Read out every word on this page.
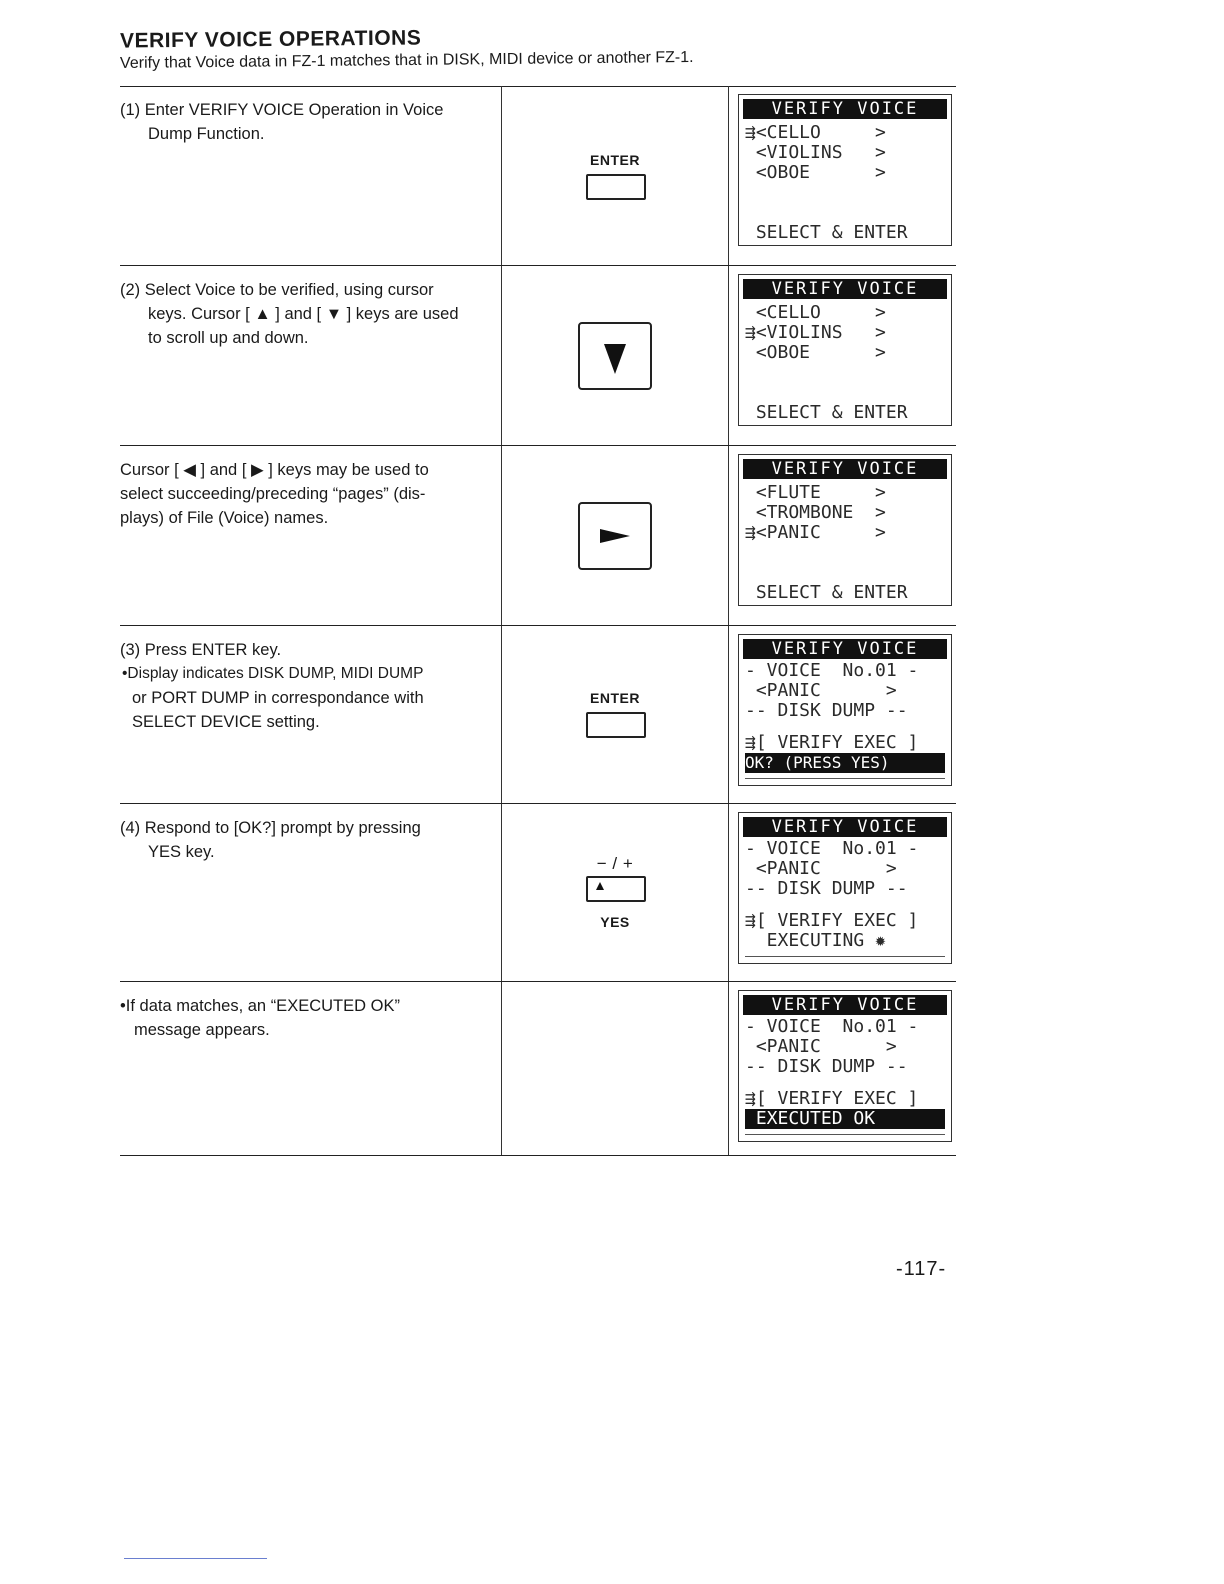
VERIFY VOICE OPERATIONS
Verify that Voice data in FZ-1 matches that in DISK, MIDI device or another FZ-1.
(1) Enter VERIFY VOICE Operation in Voice
Dump Function.
ENTER
VERIFY VOICE
⇶<CELLO     >
<VIOLINS   >
<OBOE      >
SELECT & ENTER
(2) Select Voice to be verified, using cursor
keys. Cursor [ ▲ ] and [ ▼ ] keys are used
to scroll up and down.
VERIFY VOICE
<CELLO     >
⇶<VIOLINS   >
<OBOE      >
SELECT & ENTER
Cursor [ ◀ ] and [ ▶ ] keys may be used to
select succeeding/preceding “pages” (dis-
plays) of File (Voice) names.
VERIFY VOICE
<FLUTE     >
<TROMBONE  >
⇶<PANIC     >
SELECT & ENTER
(3) Press ENTER key.
•Display indicates DISK DUMP, MIDI DUMP
or PORT DUMP in correspondance with
SELECT DEVICE setting.
ENTER
VERIFY VOICE
- VOICE  No.01 -
<PANIC      >
-- DISK DUMP --
⇶[ VERIFY EXEC ]
OK? (PRESS YES)
(4) Respond to [OK?] prompt by pressing
YES key.
− / +
YES
VERIFY VOICE
- VOICE  No.01 -
<PANIC      >
-- DISK DUMP --
⇶[ VERIFY EXEC ]
EXECUTING ✹
•If data matches, an “EXECUTED OK”
message appears.
VERIFY VOICE
- VOICE  No.01 -
<PANIC      >
-- DISK DUMP --
⇶[ VERIFY EXEC ]
EXECUTED OK
-117-
